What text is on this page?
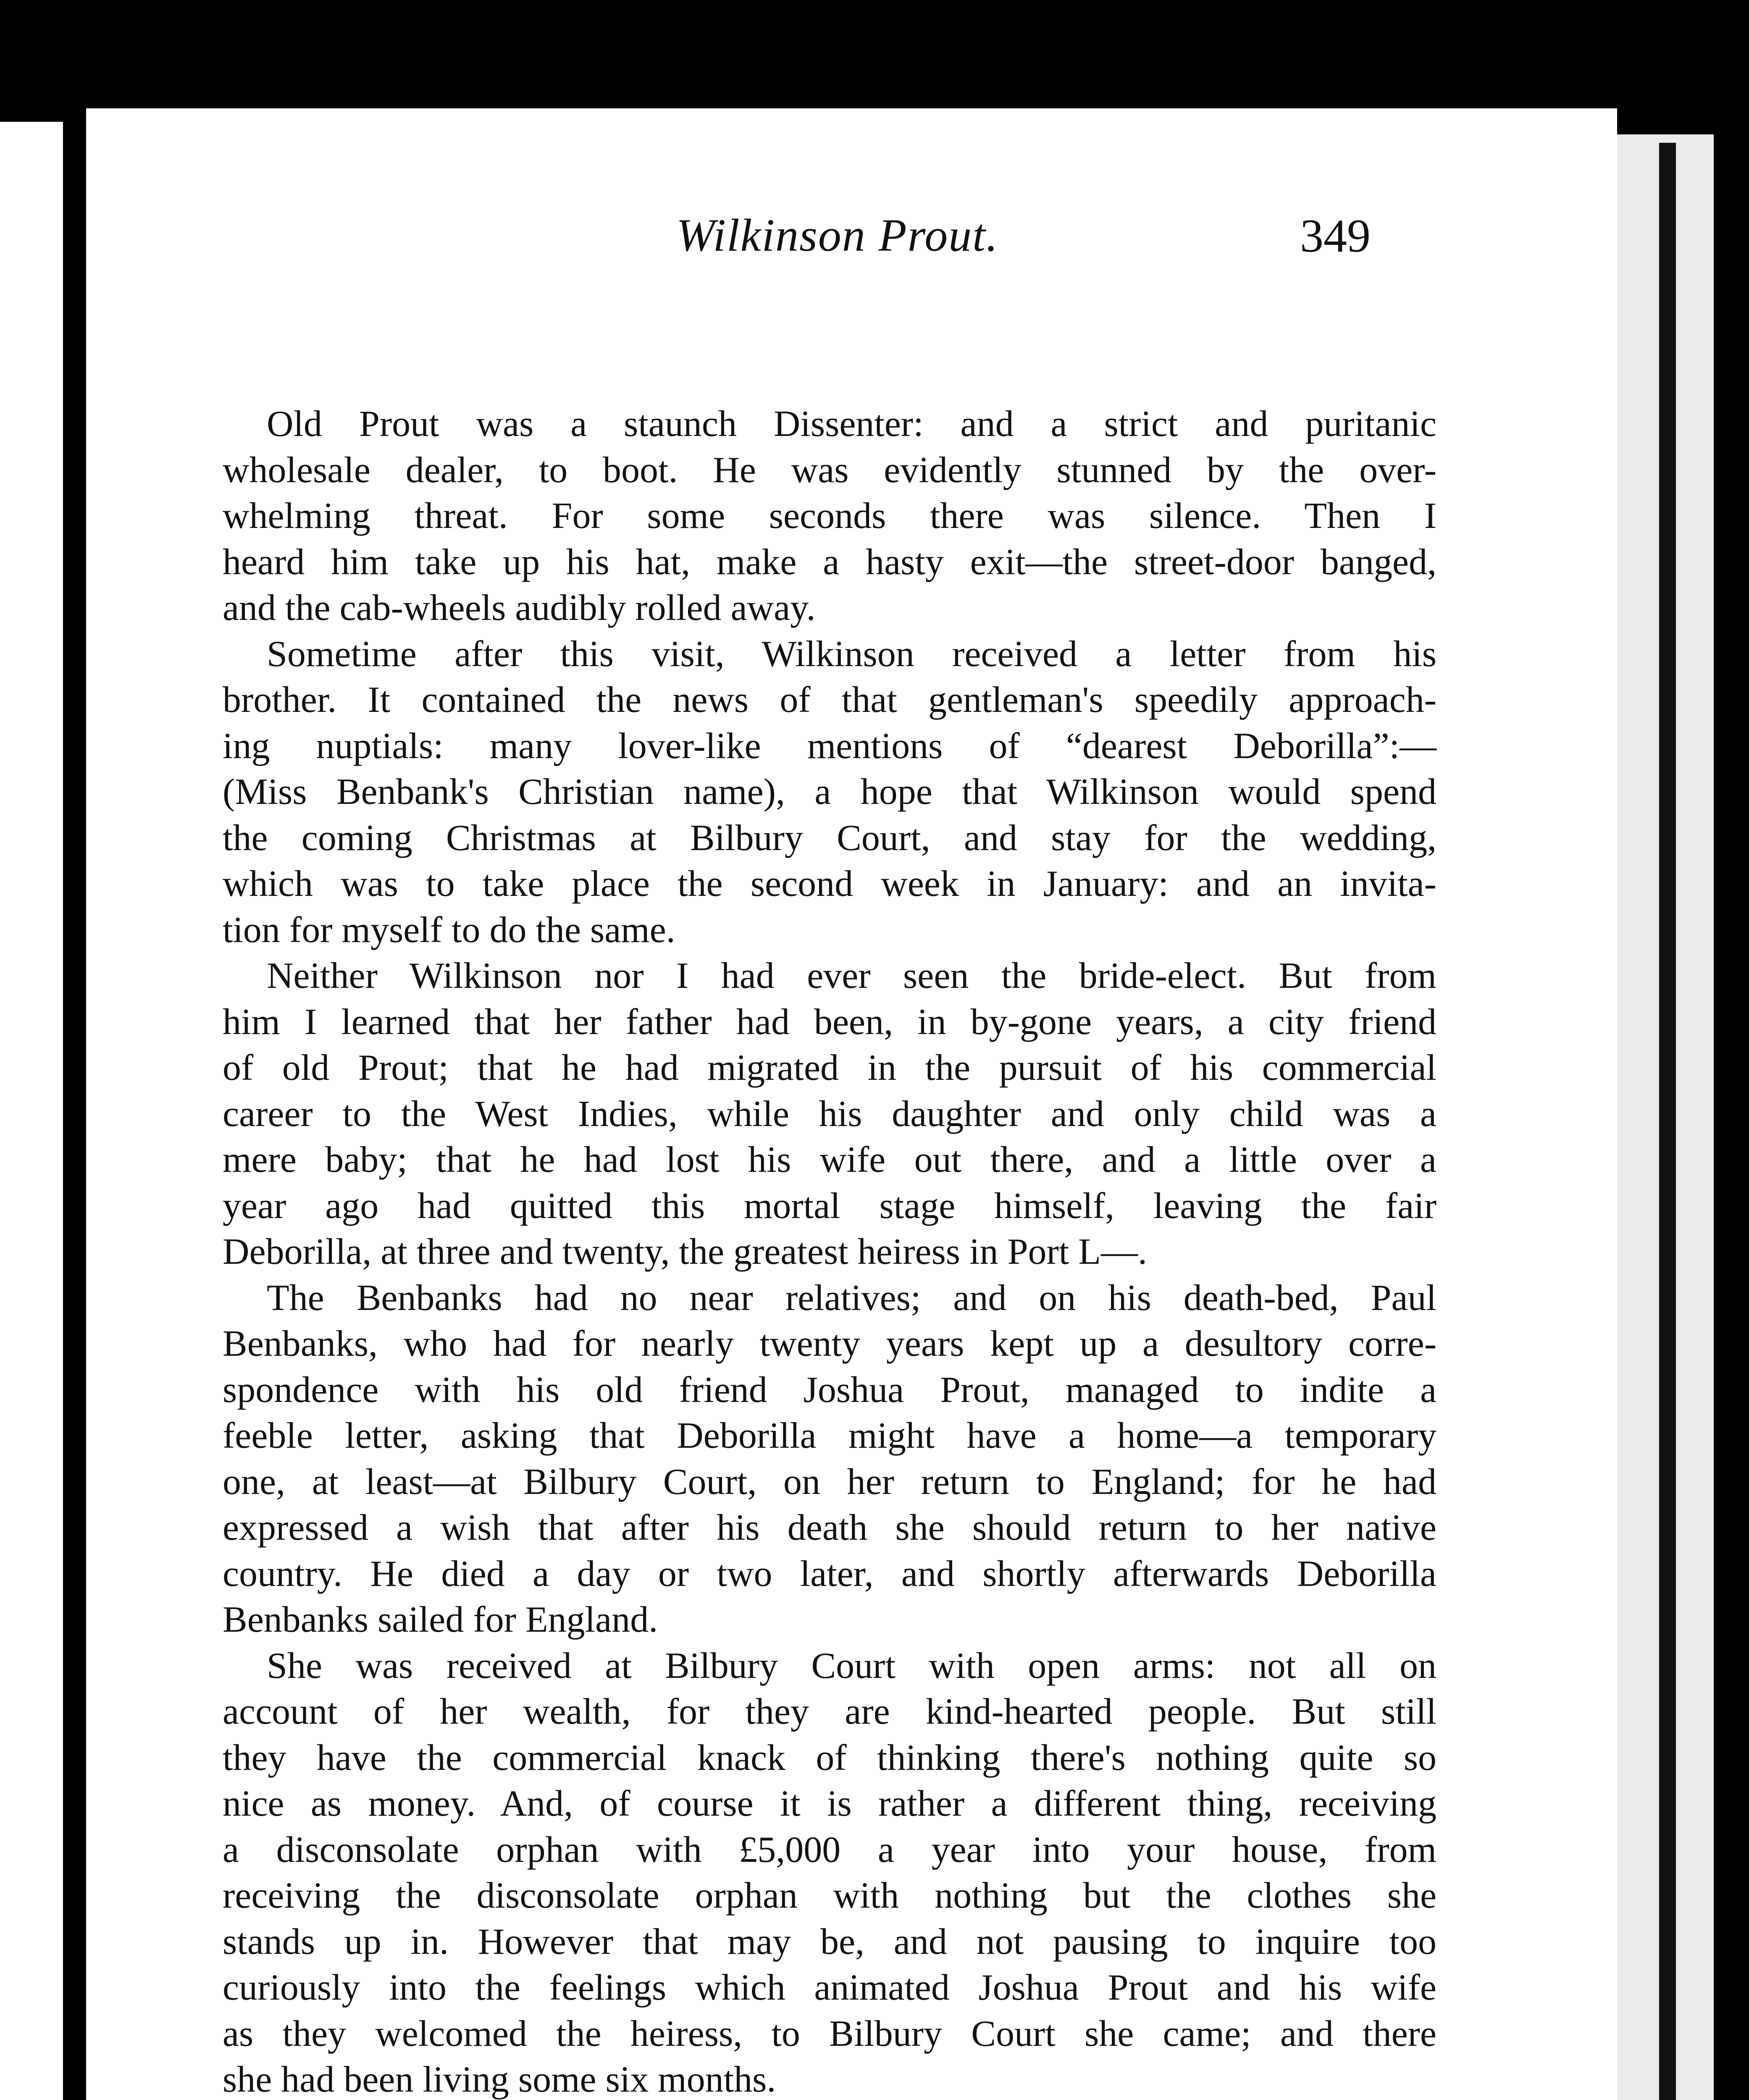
Wilkinson Prout.	349
Old Prout was a staunch Dissenter: and a strict and puritanic
wholesale dealer, to boot. He was evidently stunned by the over-
whelming threat. For some seconds there was silence. Then I
heard him take up his hat, make a hasty exit—the street-door banged,
and the cab-wheels audibly rolled away.
Sometime after this visit, Wilkinson received a letter from his
brother. It contained the news of that gentleman's speedily approach-
ing nuptials: many lover-like mentions of “dearest Deborilla”:—
(Miss Benbank's Christian name), a hope that Wilkinson would spend
the coming Christmas at Bilbury Court, and stay for the wedding,
which was to take place the second week in January: and an invita-
tion for myself to do the same.
Neither Wilkinson nor I had ever seen the bride-elect. But from
him I learned that her father had been, in by-gone years, a city friend
of old Prout; that he had migrated in the pursuit of his commercial
career to the West Indies, while his daughter and only child was a
mere baby; that he had lost his wife out there, and a little over a
year ago had quitted this mortal stage himself, leaving the fair
Deborilla, at three and twenty, the greatest heiress in Port L—.
The Benbanks had no near relatives; and on his death-bed, Paul
Benbanks, who had for nearly twenty years kept up a desultory corre-
spondence with his old friend Joshua Prout, managed to indite a
feeble letter, asking that Deborilla might have a home—a temporary
one, at least—at Bilbury Court, on her return to England; for he had
expressed a wish that after his death she should return to her native
country. He died a day or two later, and shortly afterwards Deborilla
Benbanks sailed for England.
She was received at Bilbury Court with open arms: not all on
account of her wealth, for they are kind-hearted people. But still
they have the commercial knack of thinking there's nothing quite so
nice as money. And, of course it is rather a different thing, receiving
a disconsolate orphan with £5,000 a year into your house, from
receiving the disconsolate orphan with nothing but the clothes she
stands up in. However that may be, and not pausing to inquire too
curiously into the feelings which animated Joshua Prout and his wife
as they welcomed the heiress, to Bilbury Court she came; and there
she had been living some six months.
